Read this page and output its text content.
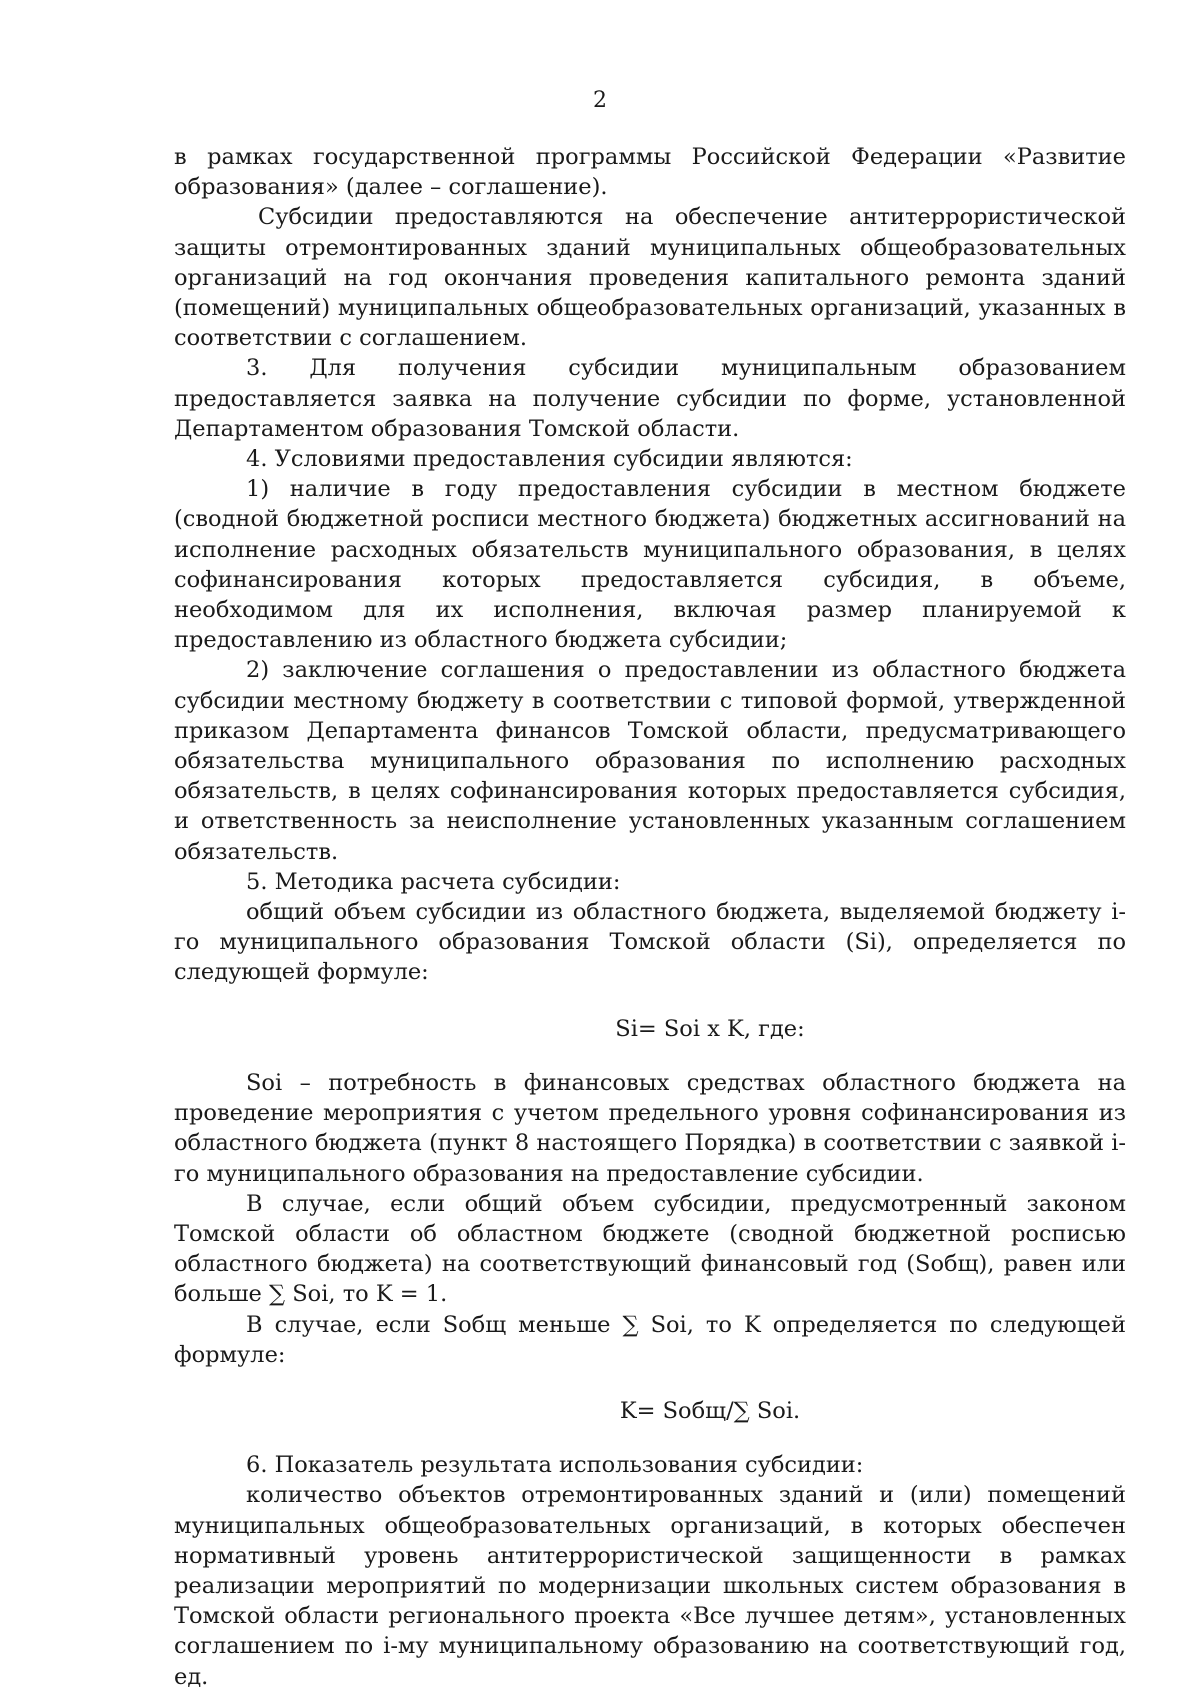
2

в рамках государственной программы Российской Федерации «Развитие образования» (далее – соглашение).

Субсидии предоставляются на обеспечение антитеррористической защиты отремонтированных зданий муниципальных общеобразовательных организаций на год окончания проведения капитального ремонта зданий (помещений) муниципальных общеобразовательных организаций, указанных в соответствии с соглашением.

3. Для получения субсидии муниципальным образованием предоставляется заявка на получение субсидии по форме, установленной Департаментом образования Томской области.

4. Условиями предоставления субсидии являются:

1) наличие в году предоставления субсидии в местном бюджете (сводной бюджетной росписи местного бюджета) бюджетных ассигнований на исполнение расходных обязательств муниципального образования, в целях софинансирования которых предоставляется субсидия, в объеме, необходимом для их исполнения, включая размер планируемой к предоставлению из областного бюджета субсидии;

2) заключение соглашения о предоставлении из областного бюджета субсидии местному бюджету в соответствии с типовой формой, утвержденной приказом Департамента финансов Томской области, предусматривающего обязательства муниципального образования по исполнению расходных обязательств, в целях софинансирования которых предоставляется субсидия, и ответственность за неисполнение установленных указанным соглашением обязательств.

5. Методика расчета субсидии:

общий объем субсидии из областного бюджета, выделяемой бюджету i-го муниципального образования Томской области (Si), определяется по следующей формуле:

Si= Soi x K, где:

Soi – потребность в финансовых средствах областного бюджета на проведение мероприятия с учетом предельного уровня софинансирования из областного бюджета (пункт 8 настоящего Порядка) в соответствии с заявкой i-го муниципального образования на предоставление субсидии.

В случае, если общий объем субсидии, предусмотренный законом Томской области об областном бюджете (сводной бюджетной росписью областного бюджета) на соответствующий финансовый год (Sобщ), равен или больше ∑ Soi, то K = 1.

В случае, если Sобщ меньше ∑ Soi, то K определяется по следующей формуле:

K= Sобщ/∑ Soi.

6. Показатель результата использования субсидии:

количество объектов отремонтированных зданий и (или) помещений муниципальных общеобразовательных организаций, в которых обеспечен нормативный уровень антитеррористической защищенности в рамках реализации мероприятий по модернизации школьных систем образования в Томской области регионального проекта «Все лучшее детям», установленных соглашением по i-му муниципальному образованию на соответствующий год, ед.
